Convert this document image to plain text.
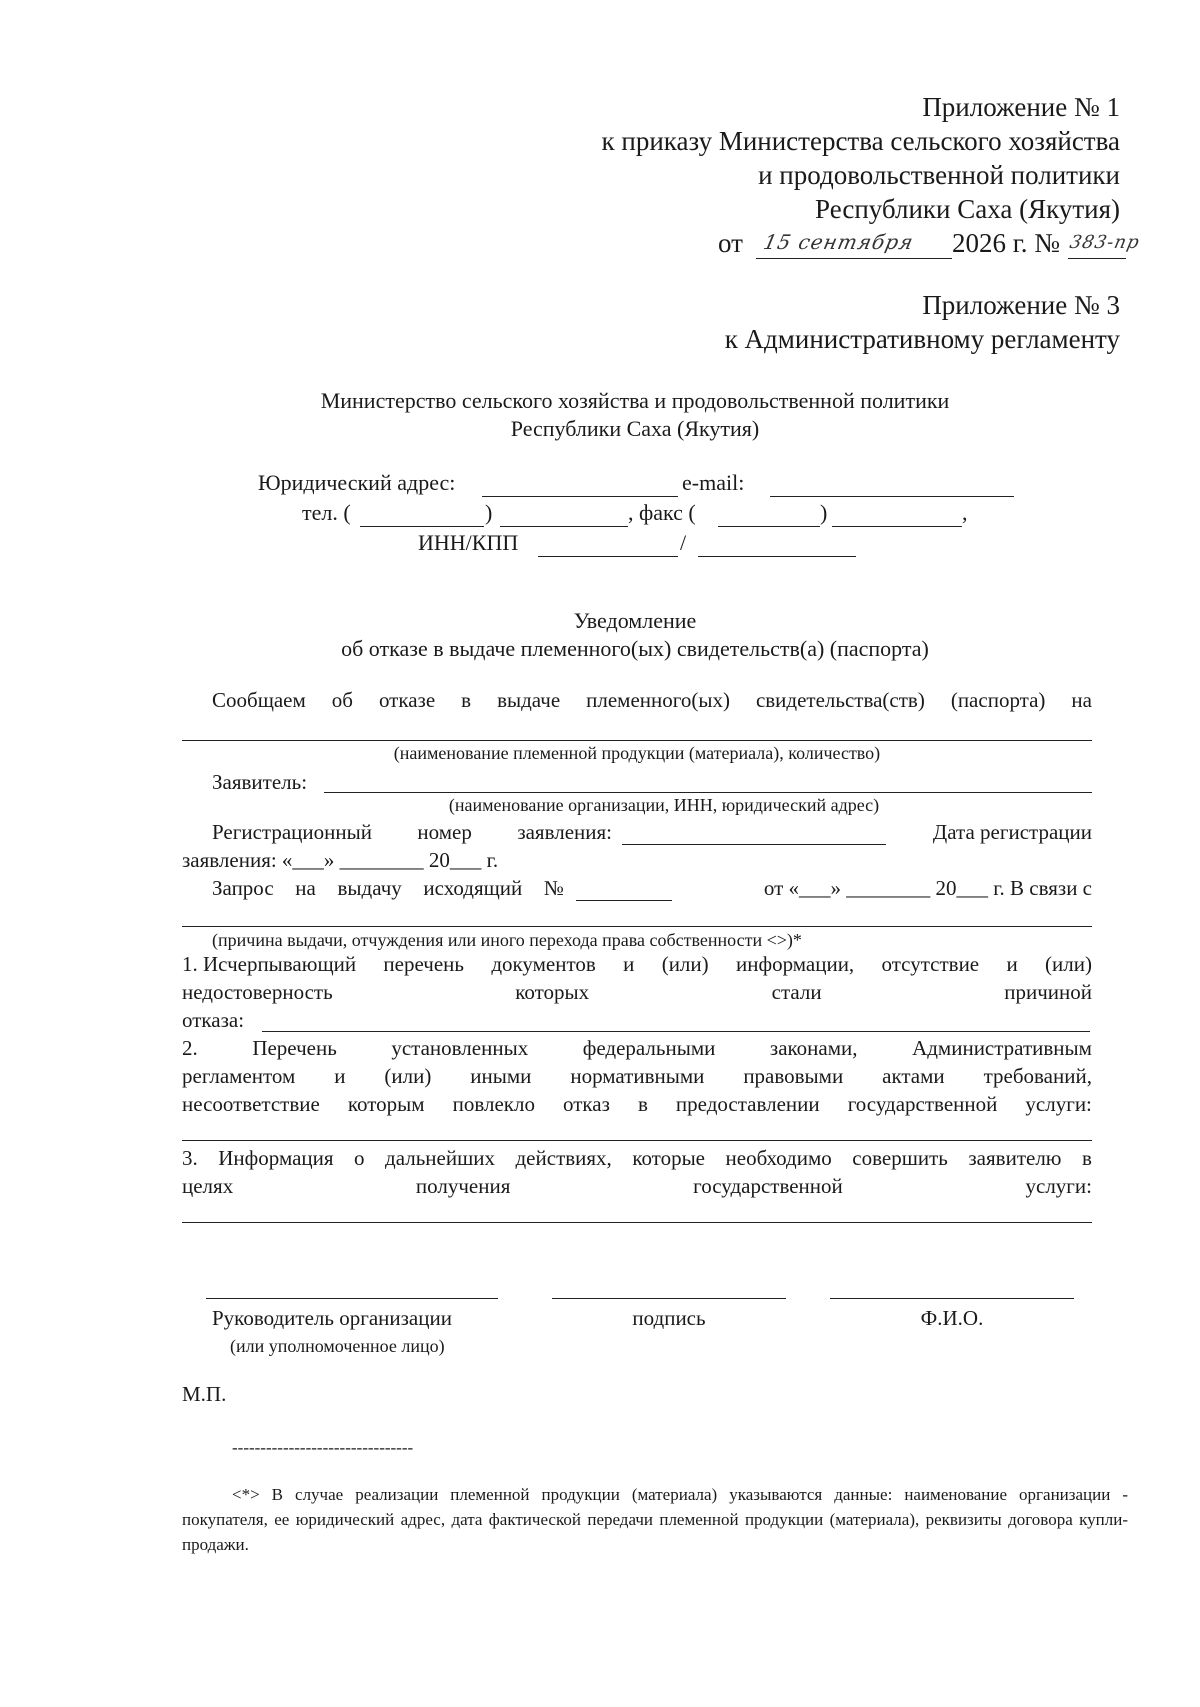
Приложение № 1
к приказу Министерства сельского хозяйства
и продовольственной политики
Республики Саха (Якутия)
от 15 сентября 2026 г. № 383-пр
Приложение № 3
к Административному регламенту
Министерство сельского хозяйства и продовольственной политики
Республики Саха (Якутия)
Юридический адрес:	e-mail:
тел. (	)	, факс (	)	,
ИНН/КПП	/
Уведомление
об отказе в выдаче племенного(ых) свидетельств(а) (паспорта)
Сообщаем об отказе в выдаче племенного(ых) свидетельства(ств) (паспорта) на
(наименование племенной продукции (материала), количество)
Заявитель:
(наименование организации, ИНН, юридический адрес)
Регистрационный номер заявления:	Дата регистрации
заявления: «___» ________ 20___ г.
Запрос на выдачу исходящий №	от «___» ________ 20___ г. В связи с
(причина выдачи, отчуждения или иного перехода права собственности <>)*
1. Исчерпывающий перечень документов и (или) информации, отсутствие и (или)
недостоверность	которых	стали	причиной
отказа:
2.	Перечень	установленных	федеральными	законами,	Административным
регламентом и (или) иными нормативными правовыми актами требований,
несоответствие которым повлекло отказ в предоставлении государственной услуги:
3. Информация о дальнейших действиях, которые необходимо совершить заявителю в
целях	получения	государственной	услуги:
Руководитель организации
(или уполномоченное лицо)
подпись	Ф.И.О.
М.П.
--------------------------------
<*> В случае реализации племенной продукции (материала) указываются данные: наименование организации - покупателя, ее юридический адрес, дата фактической передачи племенной продукции (материала), реквизиты договора купли-продажи.
